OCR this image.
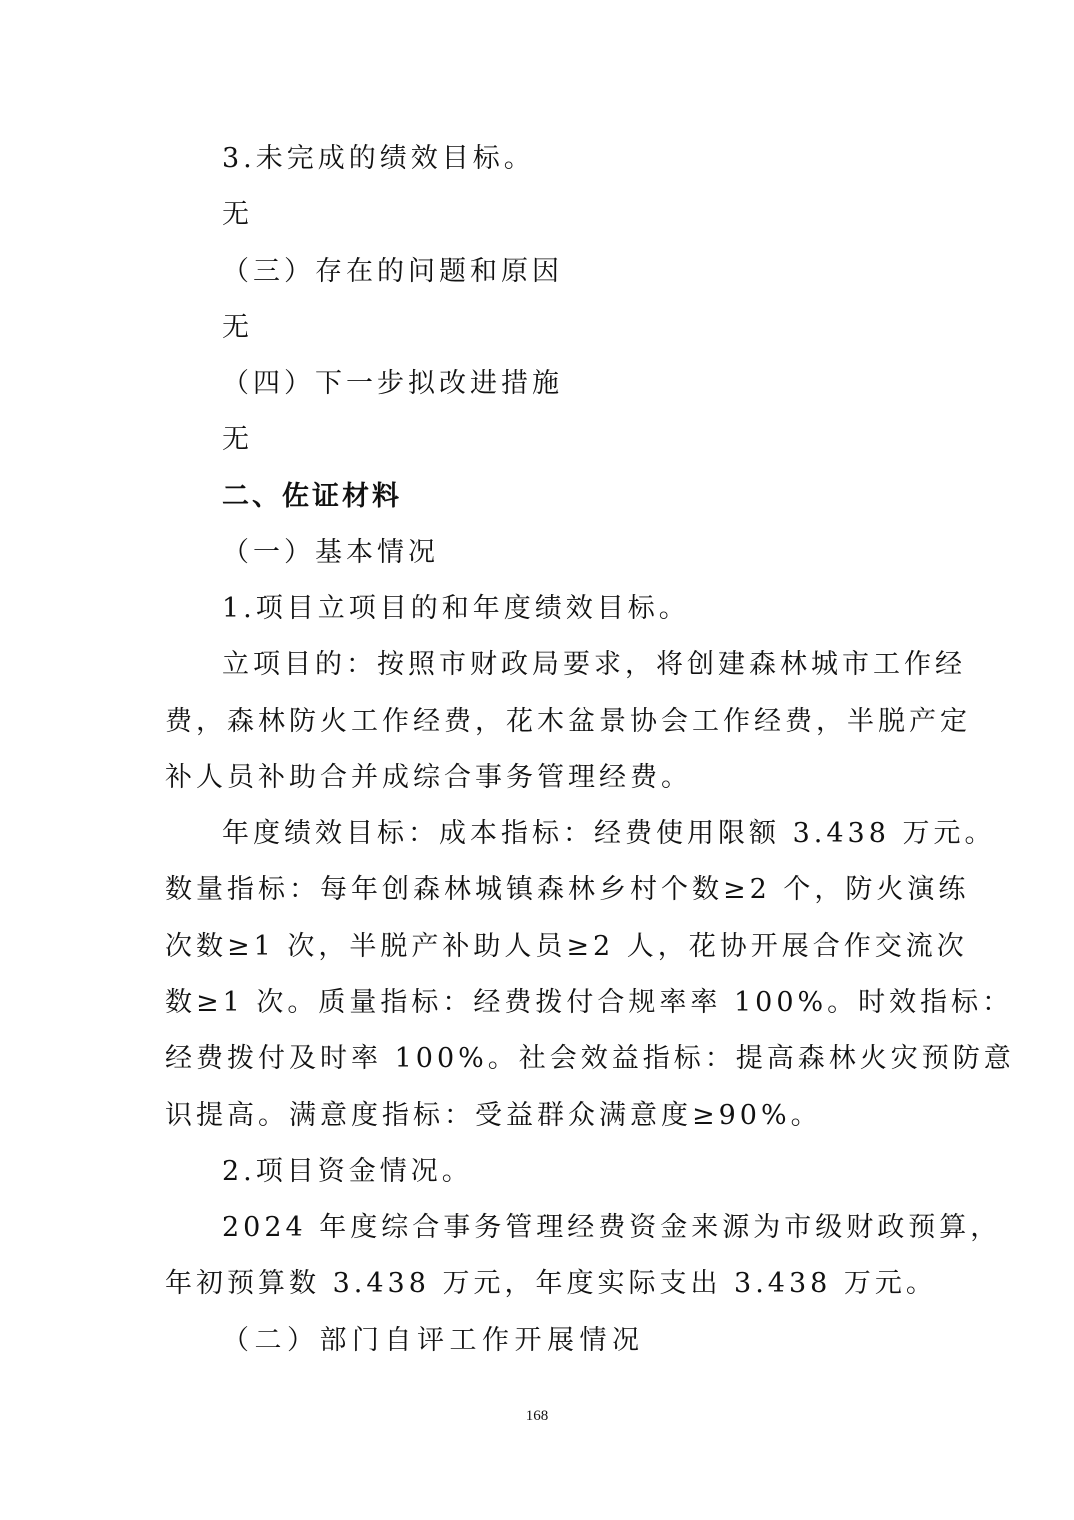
3.未完成的绩效目标。
无
（三）存在的问题和原因
无
（四）下一步拟改进措施
无
二、佐证材料
（一）基本情况
1.项目立项目的和年度绩效目标。
立项目的：按照市财政局要求，将创建森林城市工作经
费，森林防火工作经费，花木盆景协会工作经费，半脱产定
补人员补助合并成综合事务管理经费。
年度绩效目标：成本指标：经费使用限额 3.438 万元。
数量指标：每年创森林城镇森林乡村个数≥2 个，防火演练
次数≥1 次，半脱产补助人员≥2 人，花协开展合作交流次
数≥1 次。质量指标：经费拨付合规率率 100%。时效指标：
经费拨付及时率 100%。社会效益指标：提高森林火灾预防意
识提高。满意度指标：受益群众满意度≥90%。
2.项目资金情况。
2024 年度综合事务管理经费资金来源为市级财政预算，
年初预算数 3.438 万元，年度实际支出 3.438 万元。
（二）部门自评工作开展情况
168
